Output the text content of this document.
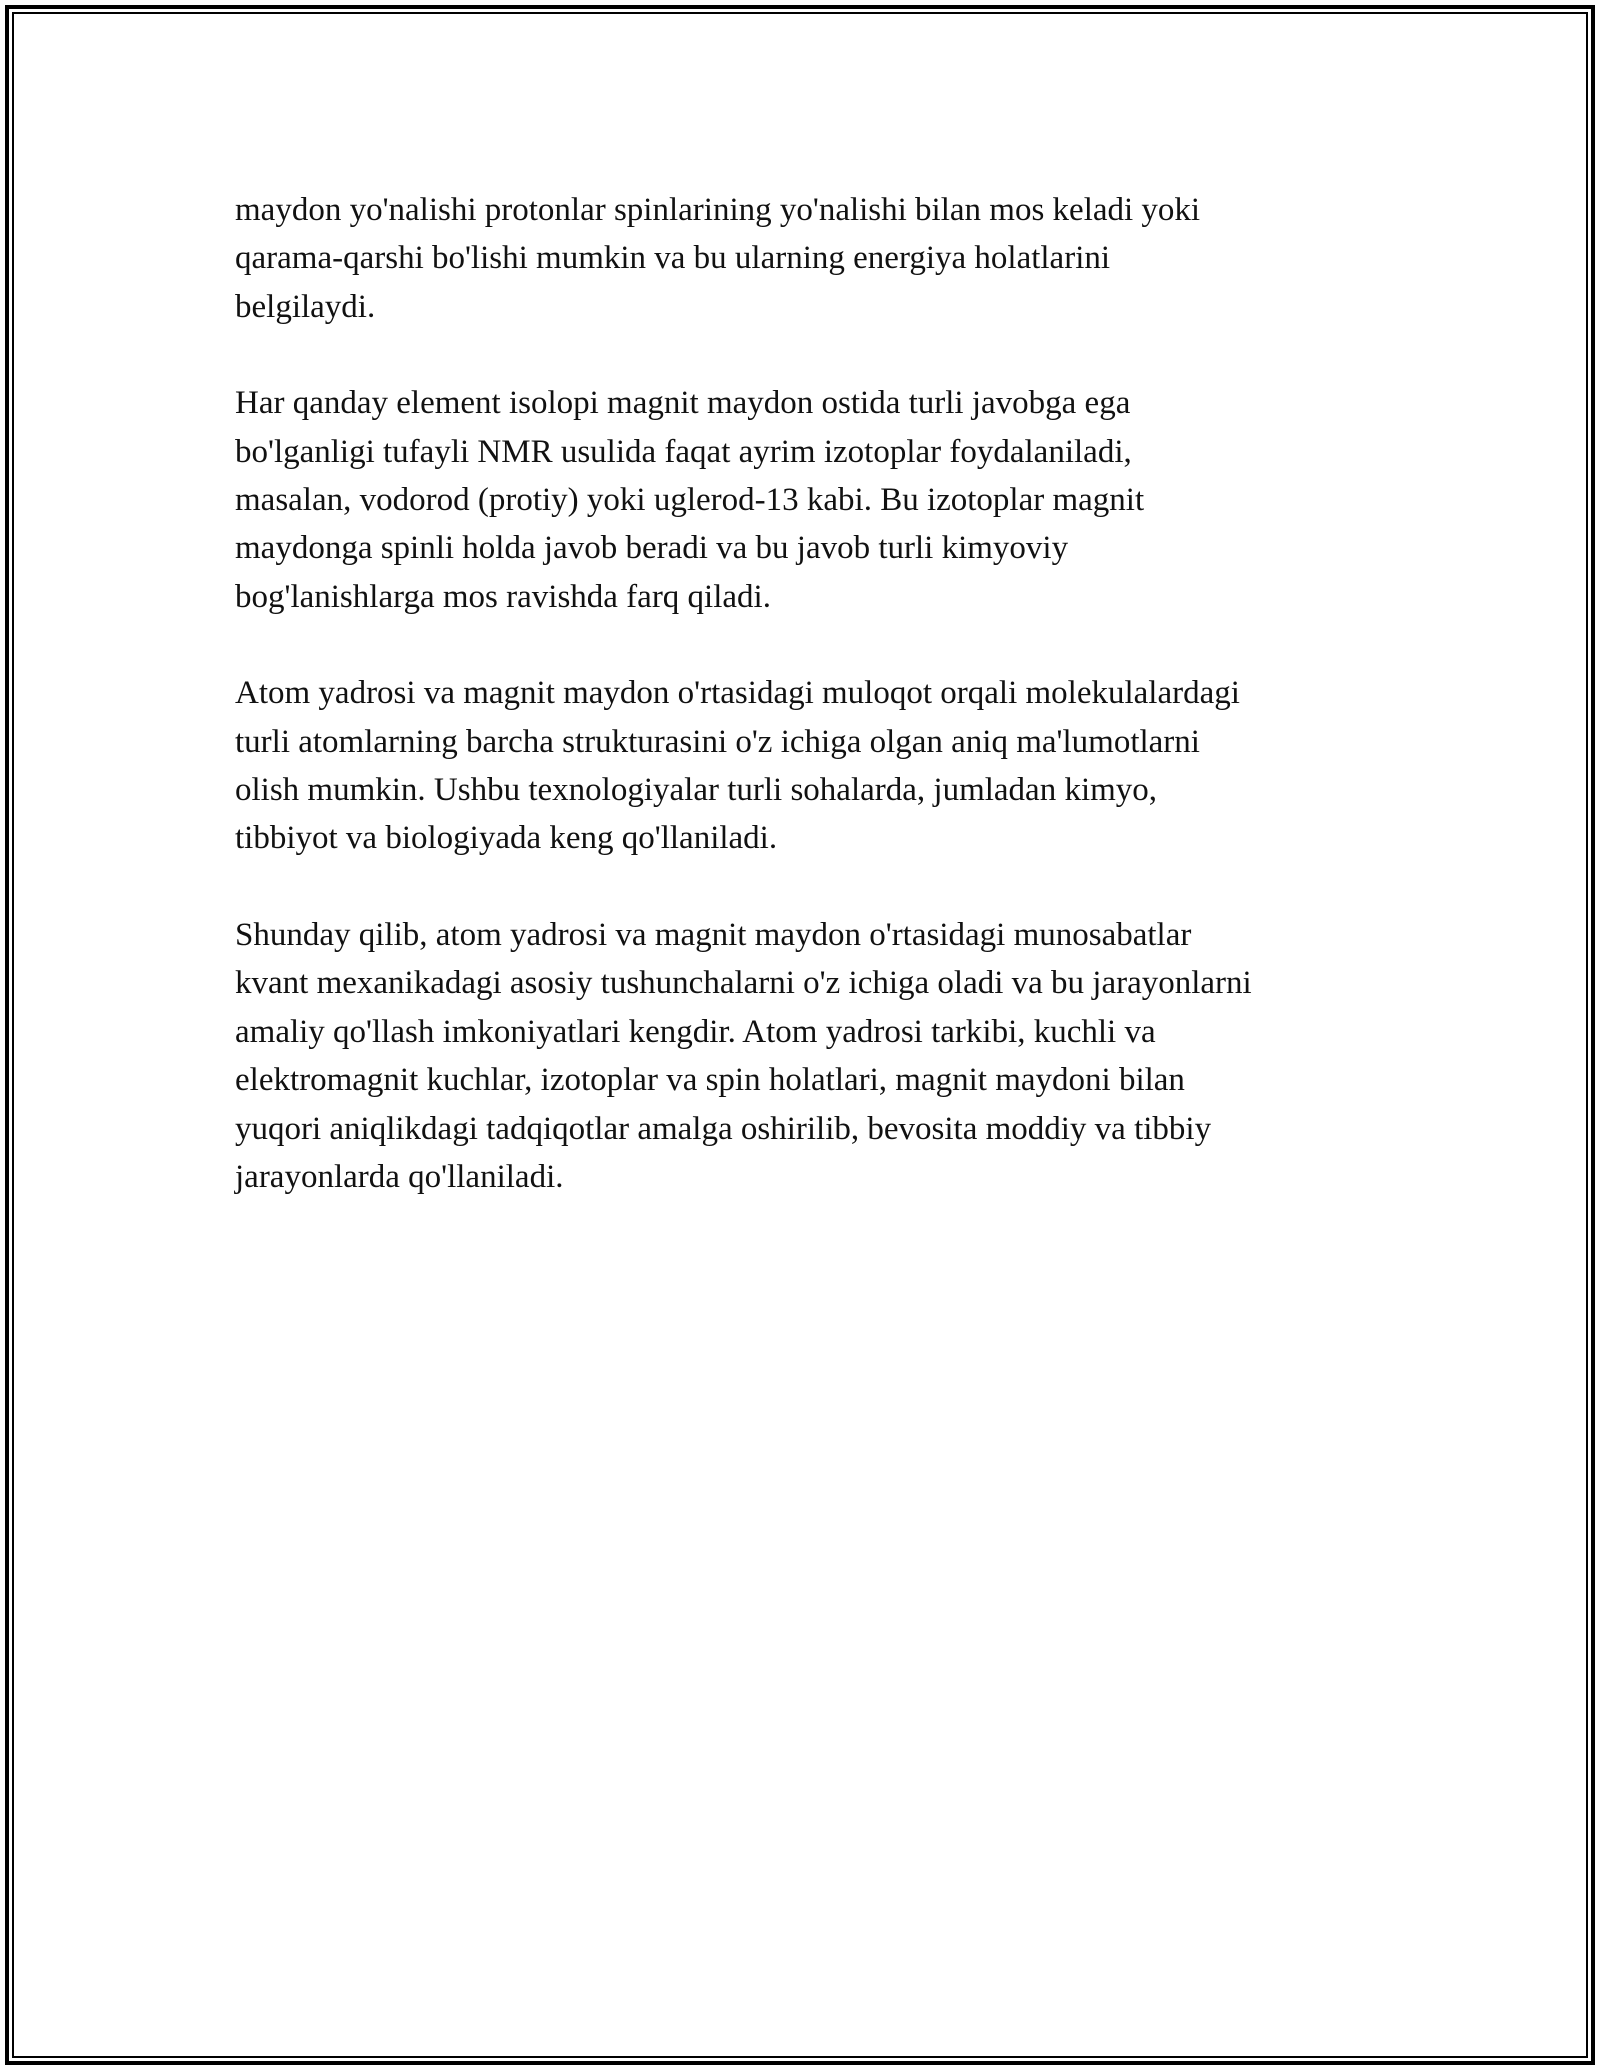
maydon yo'nalishi protonlar spinlarining yo'nalishi bilan mos keladi yoki
qarama-qarshi bo'lishi mumkin va bu ularning energiya holatlarini
belgilaydi.

Har qanday element isolopi magnit maydon ostida turli javobga ega
bo'lganligi tufayli NMR usulida faqat ayrim izotoplar foydalaniladi,
masalan, vodorod (protiy) yoki uglerod-13 kabi. Bu izotoplar magnit
maydonga spinli holda javob beradi va bu javob turli kimyoviy
bog'lanishlarga mos ravishda farq qiladi.

Atom yadrosi va magnit maydon o'rtasidagi muloqot orqali molekulalardagi
turli atomlarning barcha strukturasini o'z ichiga olgan aniq ma'lumotlarni
olish mumkin. Ushbu texnologiyalar turli sohalarda, jumladan kimyo,
tibbiyot va biologiyada keng qo'llaniladi.

Shunday qilib, atom yadrosi va magnit maydon o'rtasidagi munosabatlar
kvant mexanikadagi asosiy tushunchalarni o'z ichiga oladi va bu jarayonlarni
amaliy qo'llash imkoniyatlari kengdir. Atom yadrosi tarkibi, kuchli va
elektromagnit kuchlar, izotoplar va spin holatlari, magnit maydoni bilan
yuqori aniqlikdagi tadqiqotlar amalga oshirilib, bevosita moddiy va tibbiy
jarayonlarda qo'llaniladi.
